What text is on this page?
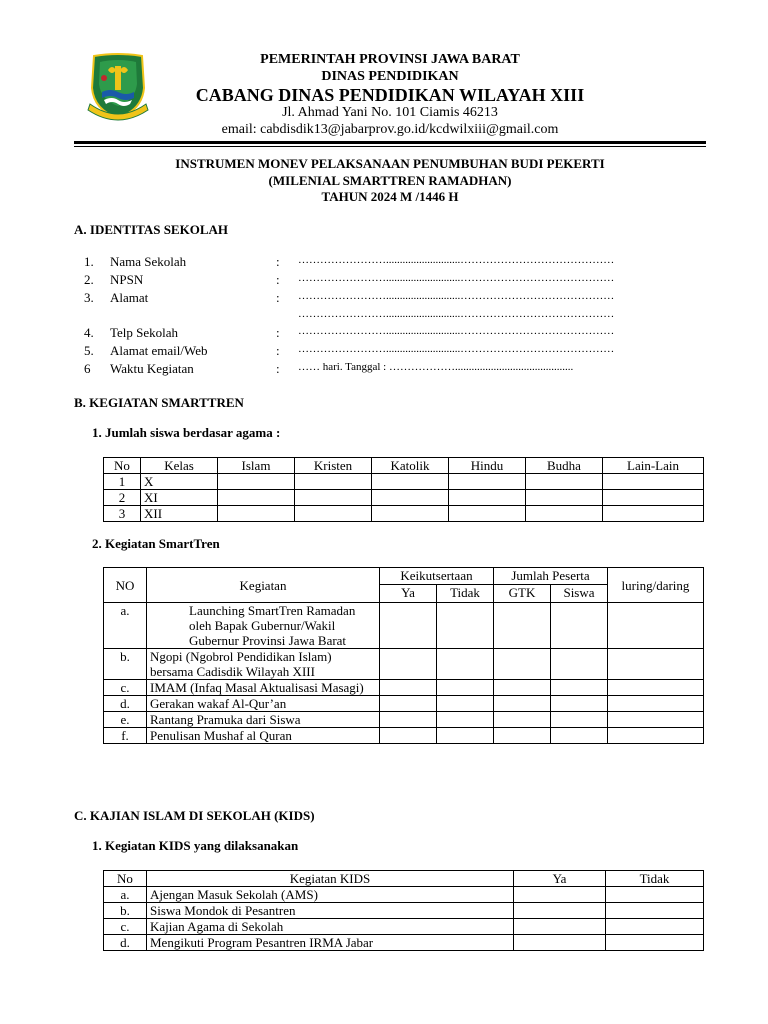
PEMERINTAH PROVINSI JAWA BARAT
DINAS PENDIDIKAN
CABANG DINAS PENDIDIKAN WILAYAH XIII
Jl. Ahmad Yani No. 101 Ciamis 46213
email: cabdisdik13@jabarprov.go.id/kcdwilxiii@gmail.com
INSTRUMEN MONEV PELAKSANAAN PENUMBUHAN BUDI PEKERTI
(MILENIAL SMARTTREN RAMADHAN)
TAHUN 2024 M /1446 H
A. IDENTITAS SEKOLAH
1. Nama Sekolah	: ……………………...........................……………………………………
2. NPSN	: ……………………...........................……………………………………
3. Alamat	: ……………………...........................……………………………………
……………………...........................……………………………………
4. Telp Sekolah	: ……………………...........................……………………………………
5. Alamat email/Web	: ……………………...........................……………………………………
6 Waktu Kegiatan	: …… hari. Tanggal : ………………...........................................
B. KEGIATAN SMARTTREN
1. Jumlah siswa berdasar agama :
No	Kelas	Islam	Kristen	Katolik	Hindu	Budha	Lain-Lain
1	X						
2	XI						
3	XII						
2. Kegiatan SmartTren
NO	Kegiatan	Keikutsertaan		Jumlah Peserta		luring/daring
		Ya	Tidak	GTK	Siswa	
a.	Launching SmartTren Ramadan oleh Bapak Gubernur/Wakil Gubernur Provinsi Jawa Barat					

b.	Ngopi (Ngobrol Pendidikan Islam) bersama Cadisdik Wilayah XIII					
c.	IMAM (Infaq Masal Aktualisasi Masagi)					
d.	Gerakan wakaf Al-Qur’an					
e.	Rantang Pramuka dari Siswa					
f.	Penulisan Mushaf al Quran					
C. KAJIAN ISLAM DI SEKOLAH (KIDS)
1. Kegiatan KIDS yang dilaksanakan
No	Kegiatan KIDS	Ya	Tidak
a.	Ajengan Masuk Sekolah (AMS)		
b.	Siswa Mondok di Pesantren		
c.	Kajian Agama di Sekolah		
d.	Mengikuti Program Pesantren IRMA Jabar		
